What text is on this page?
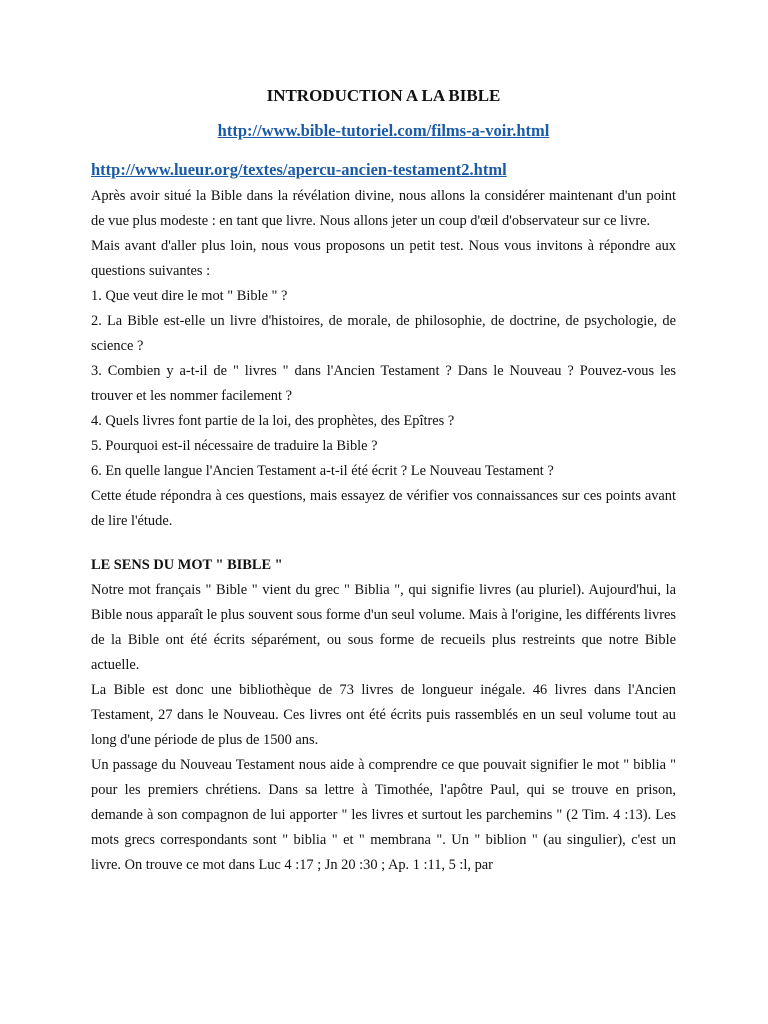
INTRODUCTION A LA BIBLE
http://www.bible-tutoriel.com/films-a-voir.html
http://www.lueur.org/textes/apercu-ancien-testament2.html

Après avoir situé la Bible dans la révélation divine, nous allons la considérer maintenant d'un point de vue plus modeste : en tant que livre. Nous allons jeter un coup d'œil d'observateur sur ce livre.

Mais avant d'aller plus loin, nous vous proposons un petit test. Nous vous invitons à répondre aux questions suivantes :

1. Que veut dire le mot " Bible " ?

2. La Bible est-elle un livre d'histoires, de morale, de philosophie, de doctrine, de psychologie, de science ?

3. Combien y a-t-il de " livres " dans l'Ancien Testament ? Dans le Nouveau ? Pouvez-vous les trouver et les nommer facilement ?

4. Quels livres font partie de la loi, des prophètes, des Epîtres ?

5. Pourquoi est-il nécessaire de traduire la Bible ?

6. En quelle langue l'Ancien Testament a-t-il été écrit ? Le Nouveau Testament ?

Cette étude répondra à ces questions, mais essayez de vérifier vos connaissances sur ces points avant de lire l'étude.

LE SENS DU MOT " BIBLE "

Notre mot français " Bible " vient du grec " Biblia ", qui signifie livres (au pluriel). Aujourd'hui, la Bible nous apparaît le plus souvent sous forme d'un seul volume. Mais à l'origine, les différents livres de la Bible ont été écrits séparément, ou sous forme de recueils plus restreints que notre Bible actuelle.

La Bible est donc une bibliothèque de 73 livres de longueur inégale. 46 livres dans l'Ancien Testament, 27 dans le Nouveau. Ces livres ont été écrits puis rassemblés en un seul volume tout au long d'une période de plus de 1500 ans.

Un passage du Nouveau Testament nous aide à comprendre ce que pouvait signifier le mot " biblia " pour les premiers chrétiens. Dans sa lettre à Timothée, l'apôtre Paul, qui se trouve en prison, demande à son compagnon de lui apporter " les livres et surtout les parchemins " (2 Tim. 4 :13). Les mots grecs correspondants sont " biblia " et " membrana ". Un " biblion " (au singulier), c'est un livre. On trouve ce mot dans Luc 4 :17 ; Jn 20 :30 ; Ap. 1 :11, 5 :l, par
